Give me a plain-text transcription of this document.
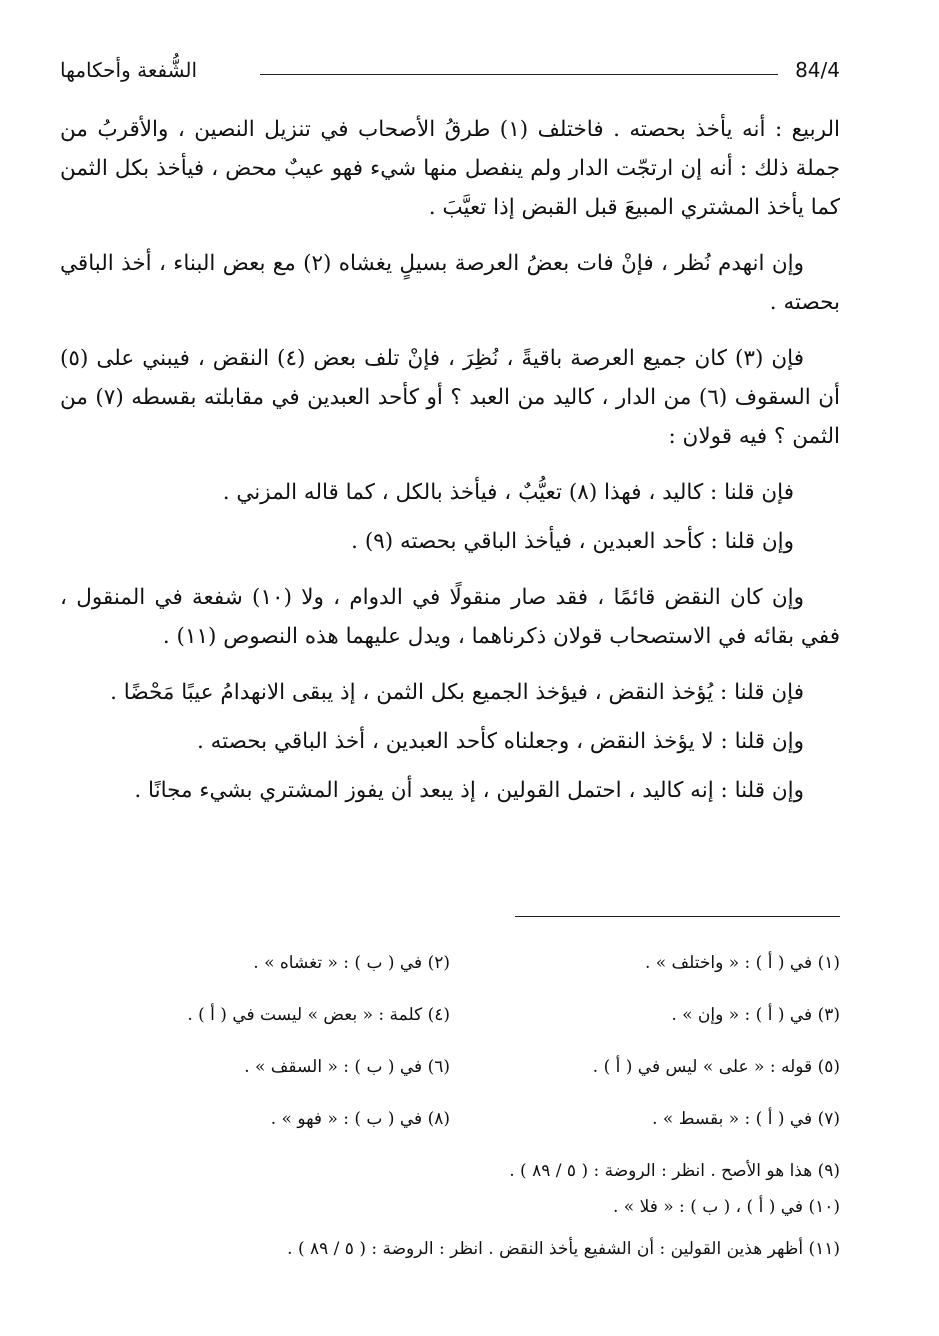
84/4
الشُّفعة وأحكامها

الربيع : أنه يأخذ بحصته . فاختلف (١) طرقُ الأصحاب في تنزيل النصين ، والأقربُ من جملة ذلك : أنه إن ارتجّت الدار ولم ينفصل منها شيء فهو عيبٌ محض ، فيأخذ بكل الثمن كما يأخذ المشتري المبيعَ قبل القبض إذا تعيَّبَ .

وإن انهدم نُظر ، فإنْ فات بعضُ العرصة بسيلٍ يغشاه (٢) مع بعض البناء ، أخذ الباقي بحصته .

فإن (٣) كان جميع العرصة باقيةً ، نُظِرَ ، فإنْ تلف بعض (٤) النقض ، فيبني على (٥) أن السقوف (٦) من الدار ، كاليد من العبد ؟ أو كأحد العبدين في مقابلته بقسطه (٧) من الثمن ؟ فيه قولان :

فإن قلنا : كاليد ، فهذا (٨) تعيُّبٌ ، فيأخذ بالكل ، كما قاله المزني .

وإن قلنا : كأحد العبدين ، فيأخذ الباقي بحصته (٩) .

وإن كان النقض قائمًا ، فقد صار منقولًا في الدوام ، ولا (١٠) شفعة في المنقول ، ففي بقائه في الاستصحاب قولان ذكرناهما ، ويدل عليهما هذه النصوص (١١) .

فإن قلنا : يُؤخذ النقض ، فيؤخذ الجميع بكل الثمن ، إذ يبقى الانهدامُ عيبًا مَحْضًا .

وإن قلنا : لا يؤخذ النقض ، وجعلناه كأحد العبدين ، أخذ الباقي بحصته .

وإن قلنا : إنه كاليد ، احتمل القولين ، إذ يبعد أن يفوز المشتري بشيء مجانًا .

(١) في ( أ ) : « واختلف » .
(٢) في ( ب ) : « تغشاه » .
(٣) في ( أ ) : « وإن » .
(٤) كلمة : « بعض » ليست في ( أ ) .
(٥) قوله : « على » ليس في ( أ ) .
(٦) في ( ب ) : « السقف » .
(٧) في ( أ ) : « بقسط » .
(٨) في ( ب ) : « فهو » .
(٩) هذا هو الأصح . انظر : الروضة : ( ٥ / ٨٩ ) .
(١٠) في ( أ ) ، ( ب ) : « فلا » .
(١١) أظهر هذين القولين : أن الشفيع يأخذ النقض . انظر : الروضة : ( ٥ / ٨٩ ) .
